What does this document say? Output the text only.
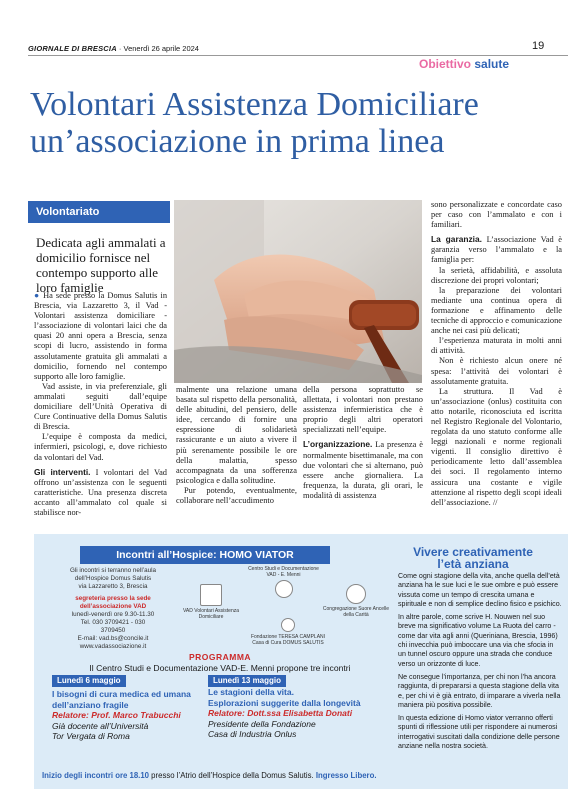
GIORNALE DI BRESCIA · Venerdì 26 aprile 2024	19
Obiettivo salute
Volontari Assistenza Domiciliare
un’associazione in prima linea
Volontariato
Dedicata agli ammalati a domicilio fornisce nel contempo supporto alle loro famiglie

● Ha sede presso la Domus Salutis in Brescia, via Lazzaretto 3, il Vad - Volontari assistenza domiciliare - l’associazione di volontari laici che da quasi 20 anni opera a Brescia, senza scopi di lucro, assistendo in forma assolutamente gratuita gli ammalati a domicilio, fornendo nel contempo supporto alle loro famiglie.

Vad assiste, in via preferenziale, gli ammalati seguiti dall’equipe domiciliare dell’Unità Operativa di Cure Continuative della Domus Salutis di Brescia.

L’equipe è composta da medici, infermieri, psicologi, e, dove richiesto da volontari del Vad.

Gli interventi. I volontari del Vad offrono un’assistenza con le seguenti caratteristiche. Una presenza discreta accanto all’ammalato col quale si stabilisce nor-

malmente una relazione umana basata sul rispetto della personalità, delle abitudini, del pensiero, delle idee, cercando di fornire una espressione di solidarietà rassicurante e un aiuto a vivere il più serenamente possibile le ore della malattia, spesso accompagnata da una sofferenza psicologica e dalla solitudine.

Pur potendo, eventualmente, collaborare nell’accudimento

della persona soprattutto se allettata, i volontari non prestano assistenza infermieristica che è proprio degli altri operatori specializzati nell’equipe.

L’organizzazione. La presenza è normalmente bisettimanale, ma con due volontari che si alternano, può essere anche giornaliera. La frequenza, la durata, gli orari, le modalità di assistenza

sono personalizzate e concordate caso per caso con l’ammalato e con i familiari.

La garanzia. L’associazione Vad è garanzia verso l’ammalato e la famiglia per:

la serietà, affidabilità, e assoluta discrezione dei propri volontari;

la preparazione dei volontari mediante una continua opera di formazione e affinamento delle tecniche di approccio e comunicazione anche nei casi più delicati;

l’esperienza maturata in molti anni di attività.

Non è richiesto alcun onere né spesa: l’attività dei volontari è assolutamente gratuita.

La struttura. Il Vad è un’associazione (onlus) costituita con atto notarile, riconosciuta ed iscritta nel Registro Regionale del Volontario, regolata da uno statuto conforme alle leggi nazionali e norme regionali vigenti. Il consiglio direttivo è periodicamente letto dall’assemblea dei soci. Il regolamento interno assicura una costante e vigile attenzione al rispetto degli scopi ideali dell’associazione. //

Incontri all’Hospice: HOMO VIATOR
Gli incontri si terranno nell’aula
dell’Hospice Domus Salutis
via Lazzaretto 3, Brescia
segreteria presso la sede dell’associazione VAD
lunedì-venerdì ore 9.30-11.30
Tel. 030 3709421 - 030 3709450
E-mail: vad.bs@concile.it
www.vadassociazione.it
VAD Volontari Assistenza Domiciliare
Centro Studi e Documentazione VAD - E. Menni
Congregazione Suore Ancelle della Carità
Fondazione TERESA CAMPLANI Casa di Cura DOMUS SALUTIS
PROGRAMMA
Il Centro Studi e Documentazione VAD-E. Menni propone tre incontri
Lunedì 6 maggio
I bisogni di cura medica ed umana dell’anziano fragile
Relatore: Prof. Marco Trabucchi
Già docente all’Università
Tor Vergata di Roma
Lunedì 13 maggio
Le stagioni della vita.
Esplorazioni suggerite dalla longevità
Relatore: Dott.ssa Elisabetta Donati
Presidente della Fondazione
Casa di Industria Onlus
Inizio degli incontri ore 18.10 presso l’Atrio dell’Hospice della Domus Salutis. Ingresso Libero.
Vivere creativamente
l’età anziana

Come ogni stagione della vita, anche quella dell’età anziana ha le sue luci e le sue ombre e può essere vissuta come un tempo di crescita umana e spirituale e non di semplice declino fisico e psichico.

In altre parole, come scrive H. Nouwen nel suo breve ma significativo volume La Ruota del carro - come dar vita agli anni (Queriniana, Brescia, 1996) chi invecchia può imboccare una via che sfocia in un tunnel oscuro oppure una strada che conduce verso un orizzonte di luce.

Ne consegue l’importanza, per chi non l’ha ancora raggiunta, di prepararsi a questa stagione della vita e, per chi vi è già entrato, di imparare a viverla nella maniera più positiva possibile.

In questa edizione di Homo viator verranno offerti spunti di riflessione utili per rispondere ai numerosi interrogativi suscitati dalla condizione delle persone anziane nella nostra società.
